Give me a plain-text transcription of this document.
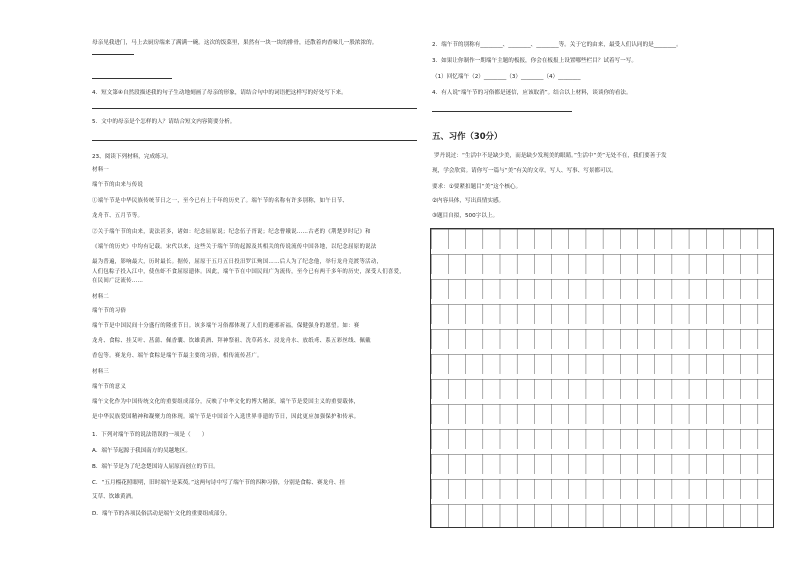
母亲见我进门，马上去厨房端来了满满一碗。这次的饭菜里，果然有一块一块的排骨，还散着肉香味儿一股浓浓的。
4．短文第④自然段描述我的句子生动地刻画了母亲的形象，请结合句中的词语把这样写的好处写下来。
5．文中的母亲是个怎样的人？请结合短文内容简要分析。
23、阅读下列材料，完成练习。
材料一
端午节的由来与传说
①端午节是中华民族传统节日之一，至今已有上千年的历史了。端午节的名称有许多别称，如午日节、
龙舟节、五月节等。
②关于端午节的由来，说法甚多，诸如：纪念屈原说；纪念伍子胥说；纪念曹娥说……古老的《荆楚岁时记》和
《端午的历史》中均有记载。宋代以来，这些关于端午节的起源及其相关的传说流传中国各地，以纪念屈原的说法
最为普遍，影响最大，历时最长。据传，屈原于五月五日投汨罗江殉国……后人为了纪念他，举行龙舟竞渡等活动，
人们包粽子投入江中，使鱼虾不食屈原遗体。因此，端午节在中国民间广为流传，至今已有两千多年的历史，深受人们喜爱，
在民间广泛流传……
材料二
端午节的习俗
端午节是中国民间十分盛行的隆重节日。该多端午习俗都体现了人们的避邪祈福，保健强身的愿望。如：赛
龙舟、食粽、挂艾叶、菖蒲、佩香囊、饮雄黄酒、拜神祭祖、洗草药水、浸龙舟水、放纸鸢、系五彩丝线、佩戴
香包等。赛龙舟、端午食粽是端午节最主要的习俗，相传流传甚广。
材料三
端午节的意义
端午文化作为中国传统文化的重要组成部分，反映了中华文化的博大精深，端午节是爱国主义的重要载体，
是中华民族爱国精神和凝聚力的体现。端午节是中国首个入选世界非遗的节日，因此更应加强保护和传承。
1．下列对端午节的说法错误的一项是（　　）
A．端午节起源于我国南方的吴越地区。
B．端午节是为了纪念楚国诗人屈原而创立的节日。
C．“五月榴花照眼明，旧时端午是茱萸。”这两句诗中写了端午节的四种习俗，分别是食粽、赛龙舟、挂
艾草、饮雄黄酒。
D．端午节的各项民俗活动是端午文化的重要组成部分。
2．端午节的别称有________、________、________等。关于它的由来，最受人们认同的是________。
3．如果让你制作一期端午主题的板报，你会在板报上设置哪些栏目？试着写一写。
（1）回忆端午（2）________（3）________（4）________
4．有人说“端午节的习俗都是迷信，应该取消”。结合以上材料，谈谈你的看法。
五、习作（30分）
罗丹说过：“生活中不是缺少美，而是缺少发现美的眼睛。”生活中“美”无处不在，我们要善于发
现，学会欣赏。请你写一篇与“美”有关的文章，写人、写事、写景都可以。
要求：①要紧扣题目“美”这个核心。
②内容具体，写出真情实感。
③题目自拟，500字以上。
